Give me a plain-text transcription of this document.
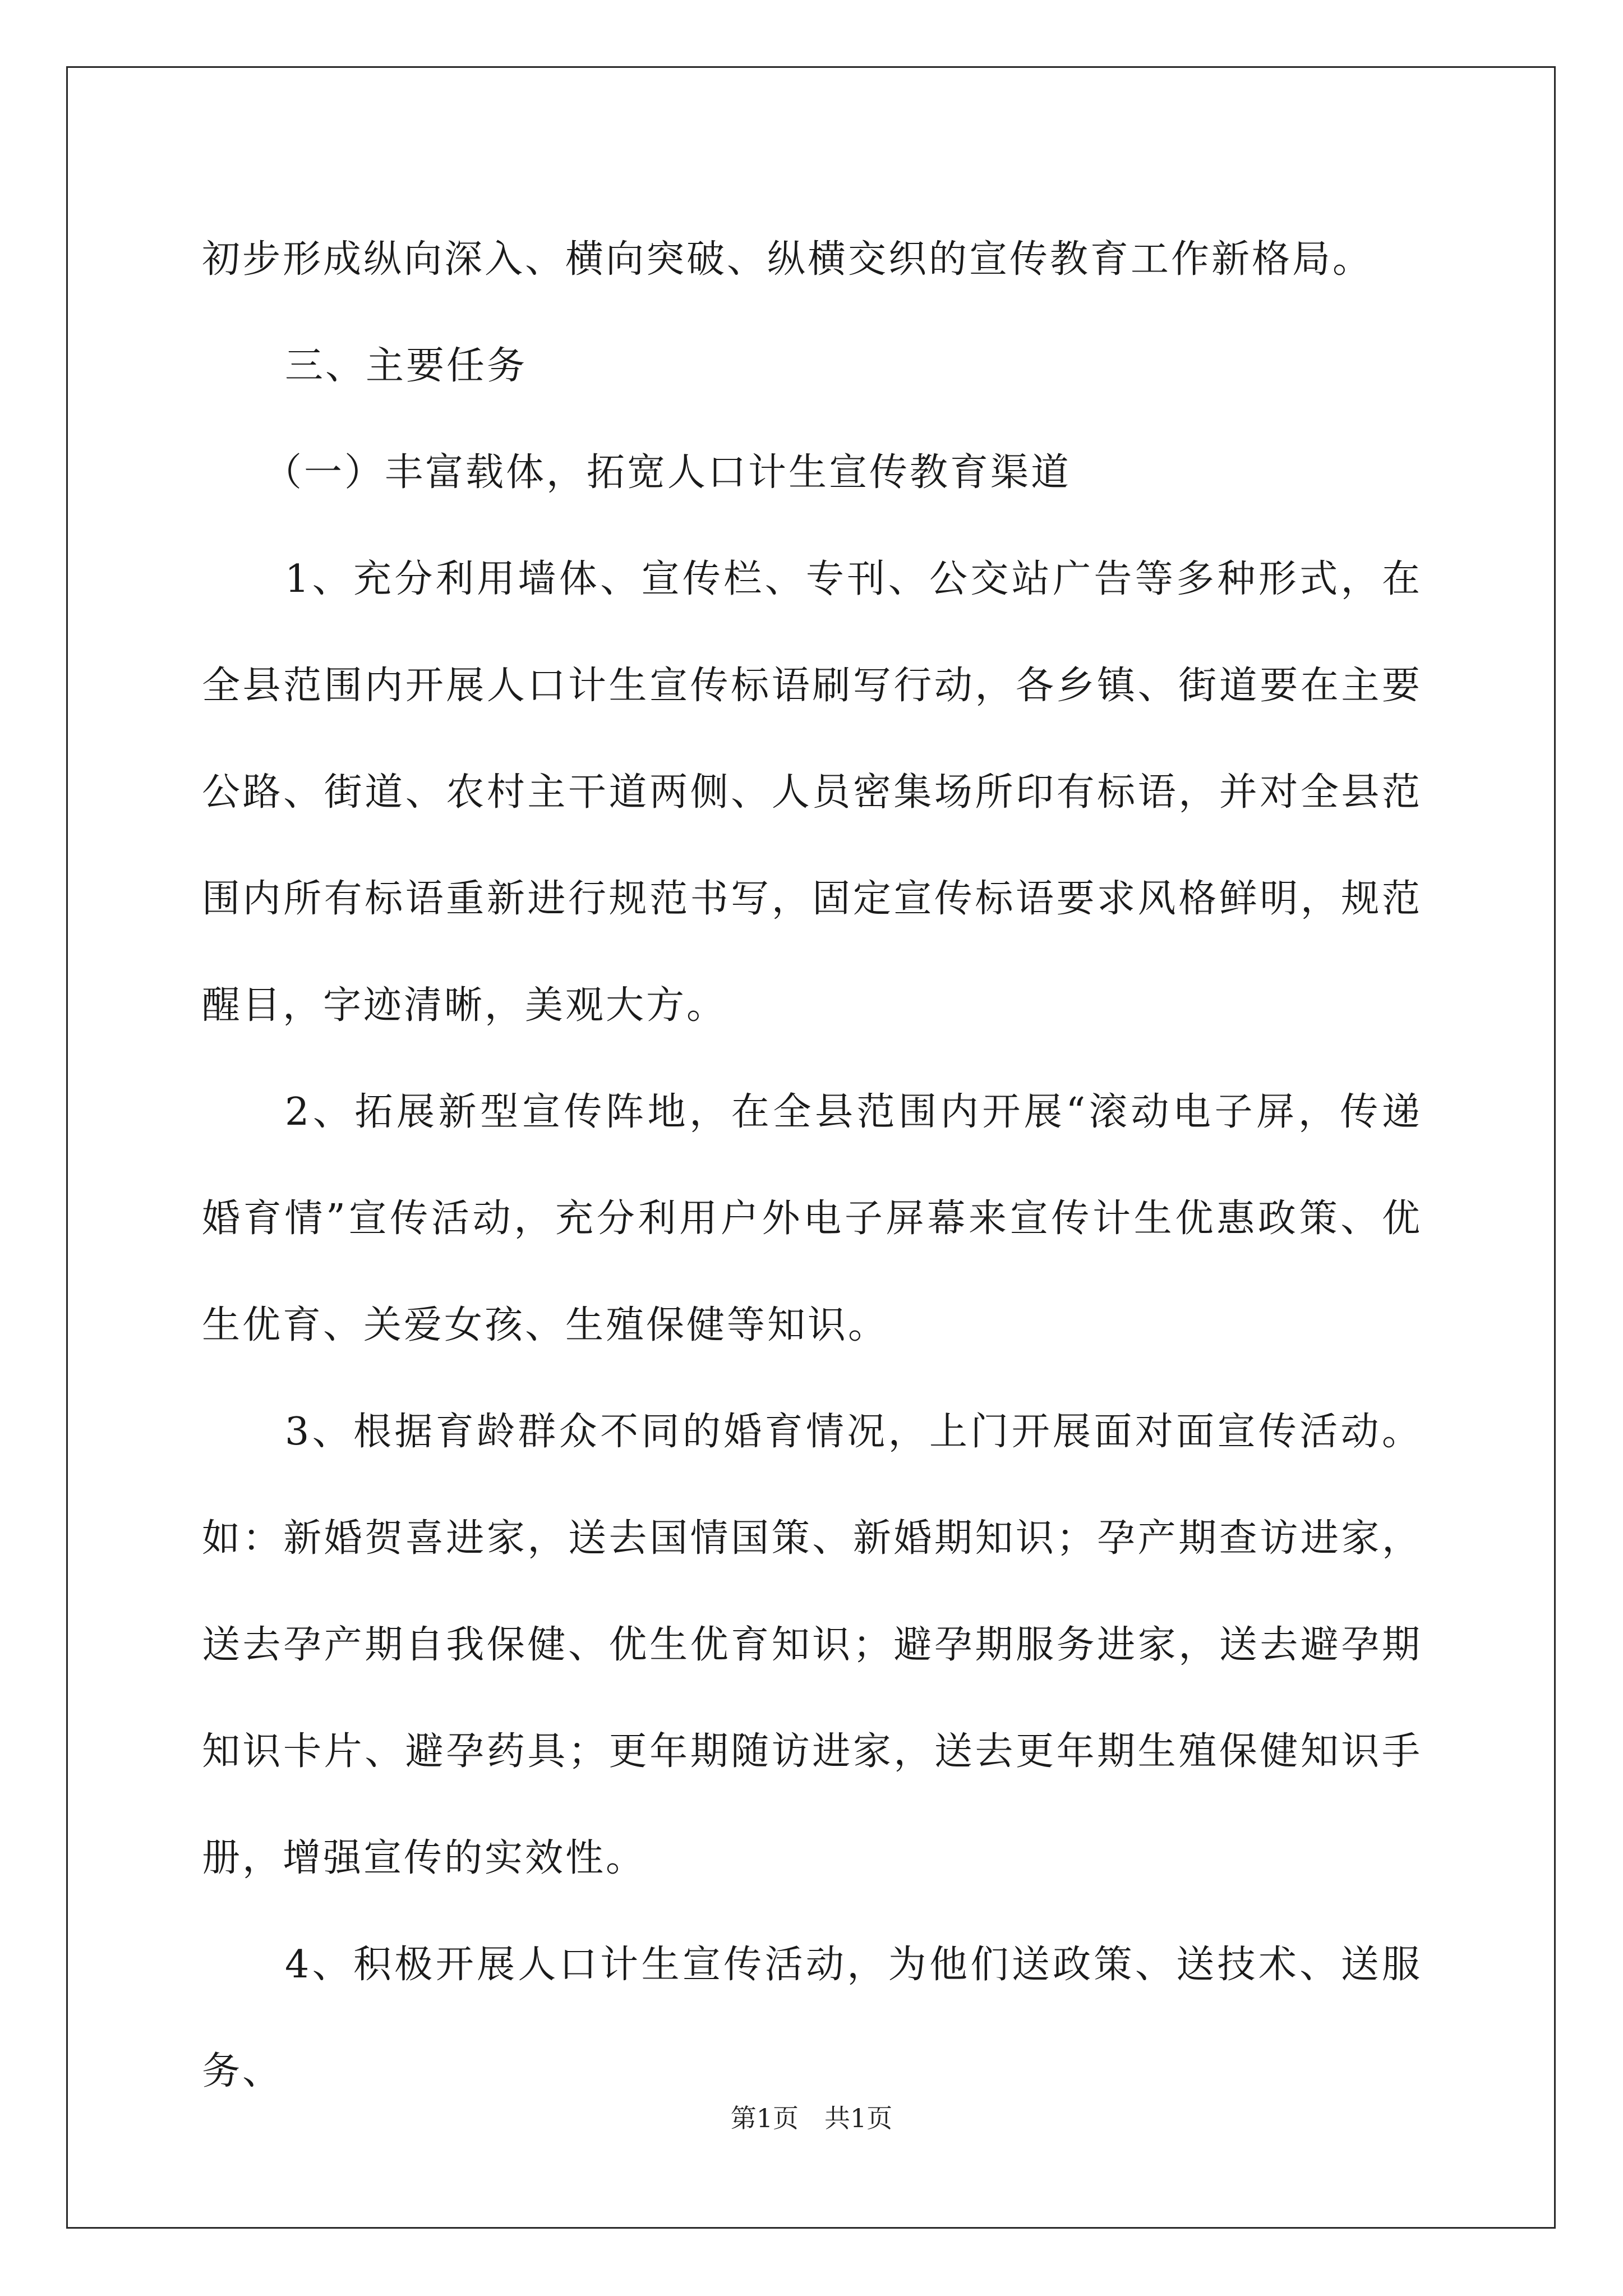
初步形成纵向深入、横向突破、纵横交织的宣传教育工作新格局。

三、主要任务

（一）丰富载体，拓宽人口计生宣传教育渠道

1、充分利用墙体、宣传栏、专刊、公交站广告等多种形式，在全县范围内开展人口计生宣传标语刷写行动，各乡镇、街道要在主要公路、街道、农村主干道两侧、人员密集场所印有标语，并对全县范围内所有标语重新进行规范书写，固定宣传标语要求风格鲜明，规范醒目，字迹清晰，美观大方。

2、拓展新型宣传阵地，在全县范围内开展“滚动电子屏，传递婚育情”宣传活动，充分利用户外电子屏幕来宣传计生优惠政策、优生优育、关爱女孩、生殖保健等知识。

3、根据育龄群众不同的婚育情况，上门开展面对面宣传活动。如：新婚贺喜进家，送去国情国策、新婚期知识；孕产期查访进家，送去孕产期自我保健、优生优育知识；避孕期服务进家，送去避孕期知识卡片、避孕药具；更年期随访进家，送去更年期生殖保健知识手册，增强宣传的实效性。

4、积极开展人口计生宣传活动，为他们送政策、送技术、送服务、

第1页　共1页
